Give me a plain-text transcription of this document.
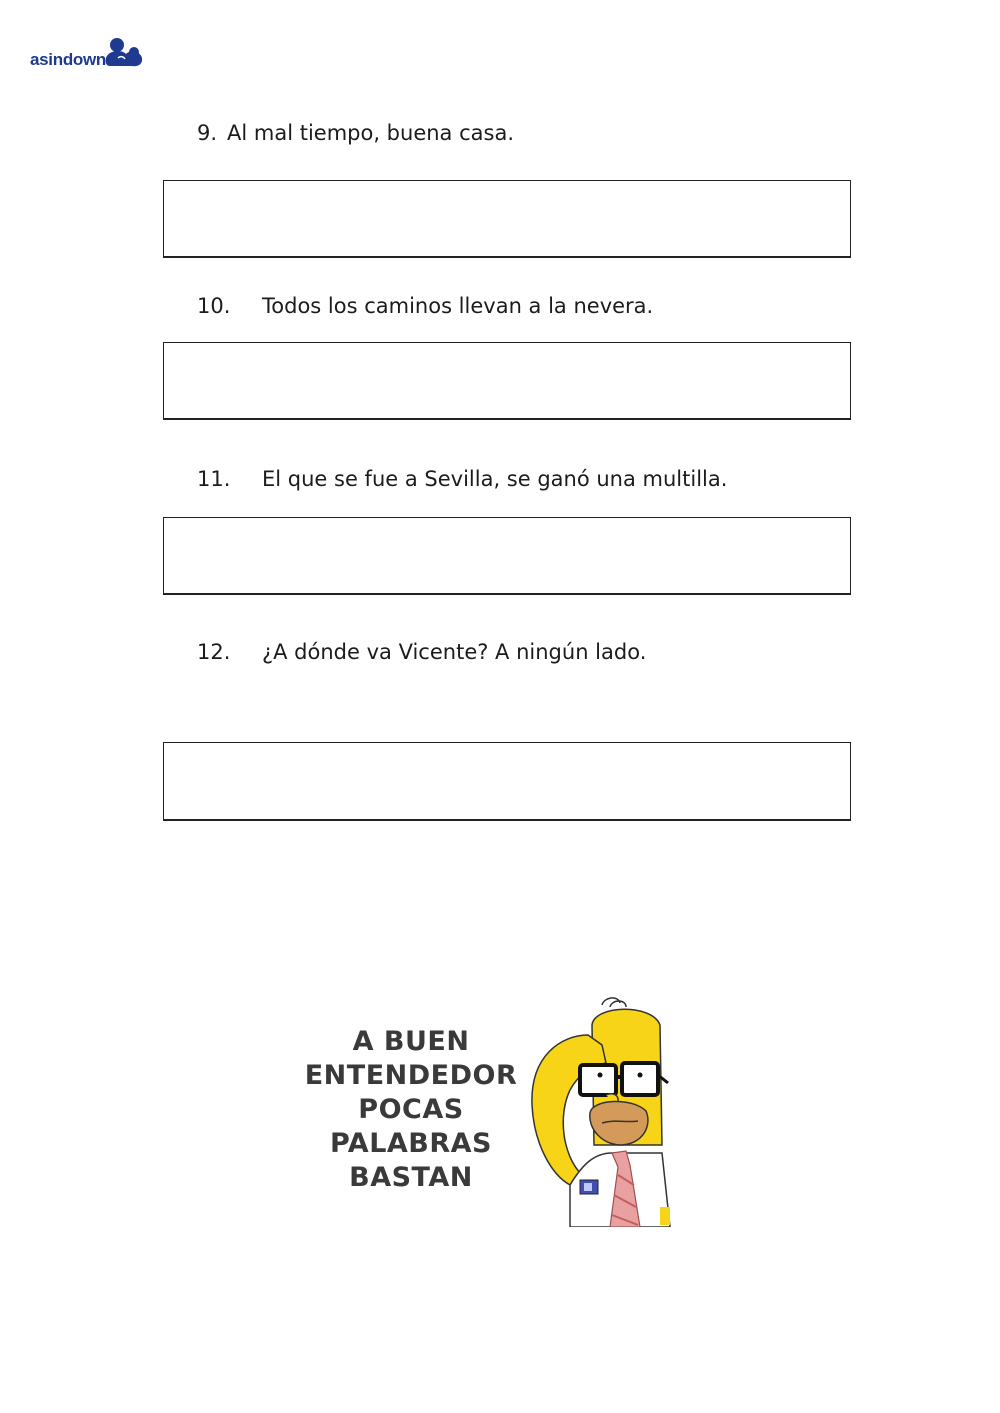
asindown
9. Al mal tiempo, buena casa.
10. Todos los caminos llevan a la nevera.
11. El que se fue a Sevilla, se ganó una multilla.
12. ¿A dónde va Vicente? A ningún lado.
A BUEN
ENTENDEDOR
POCAS
PALABRAS
BASTAN
